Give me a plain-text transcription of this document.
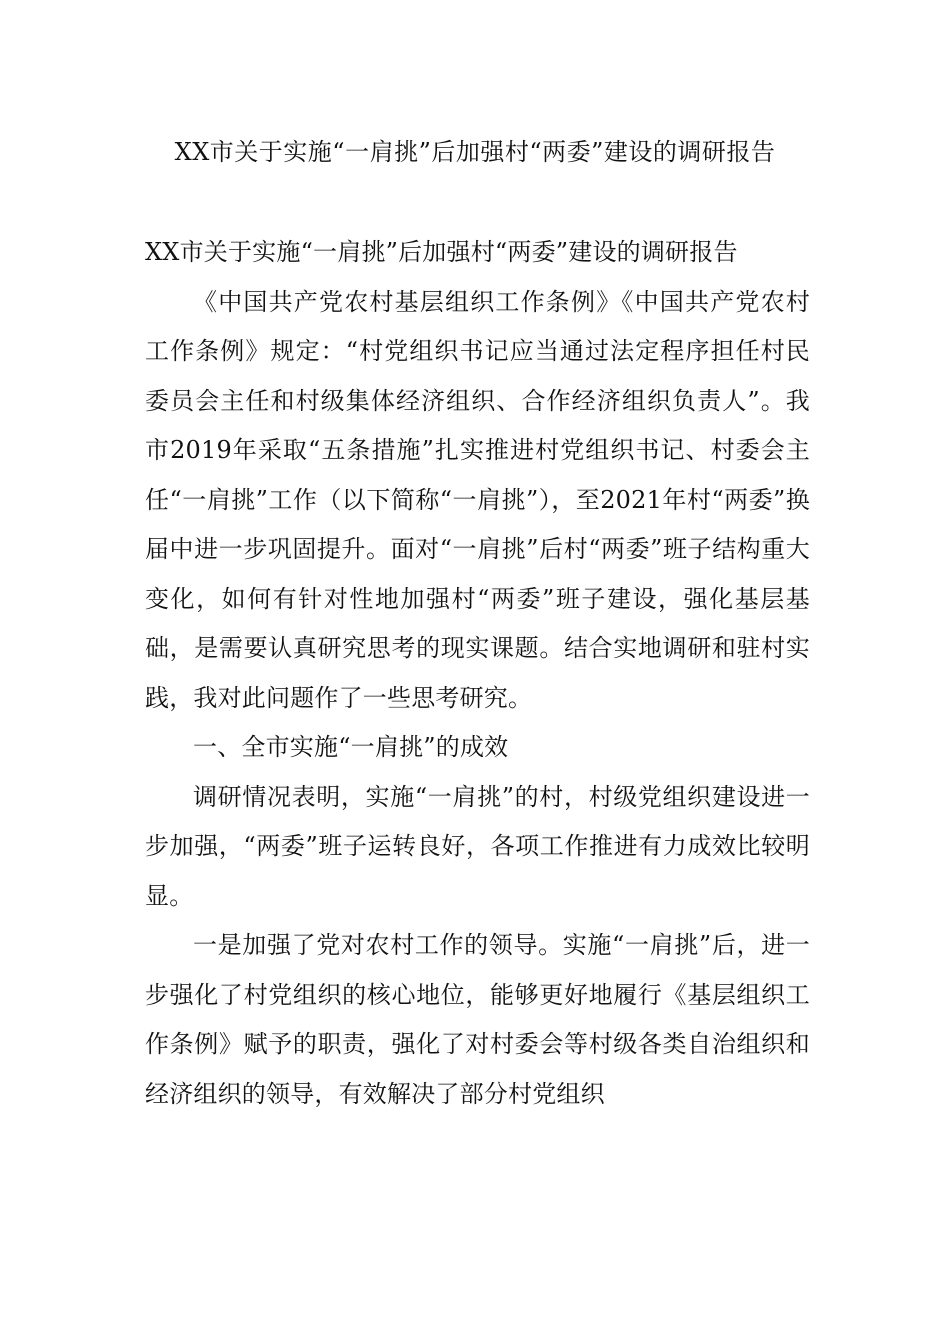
XX市关于实施“一肩挑”后加强村“两委”建设的调研报告

XX市关于实施“一肩挑”后加强村“两委”建设的调研报告

《中国共产党农村基层组织工作条例》《中国共产党农村工作条例》规定：“村党组织书记应当通过法定程序担任村民委员会主任和村级集体经济组织、合作经济组织负责人”。我市2019年采取“五条措施”扎实推进村党组织书记、村委会主任“一肩挑”工作（以下简称“一肩挑”），至2021年村“两委”换届中进一步巩固提升。面对“一肩挑”后村“两委”班子结构重大变化，如何有针对性地加强村“两委”班子建设，强化基层基础，是需要认真研究思考的现实课题。结合实地调研和驻村实践，我对此问题作了一些思考研究。

一、全市实施“一肩挑”的成效

调研情况表明，实施“一肩挑”的村，村级党组织建设进一步加强，“两委”班子运转良好，各项工作推进有力成效比较明显。

一是加强了党对农村工作的领导。实施“一肩挑”后，进一步强化了村党组织的核心地位，能够更好地履行《基层组织工作条例》赋予的职责，强化了对村委会等村级各类自治组织和经济组织的领导，有效解决了部分村党组织
